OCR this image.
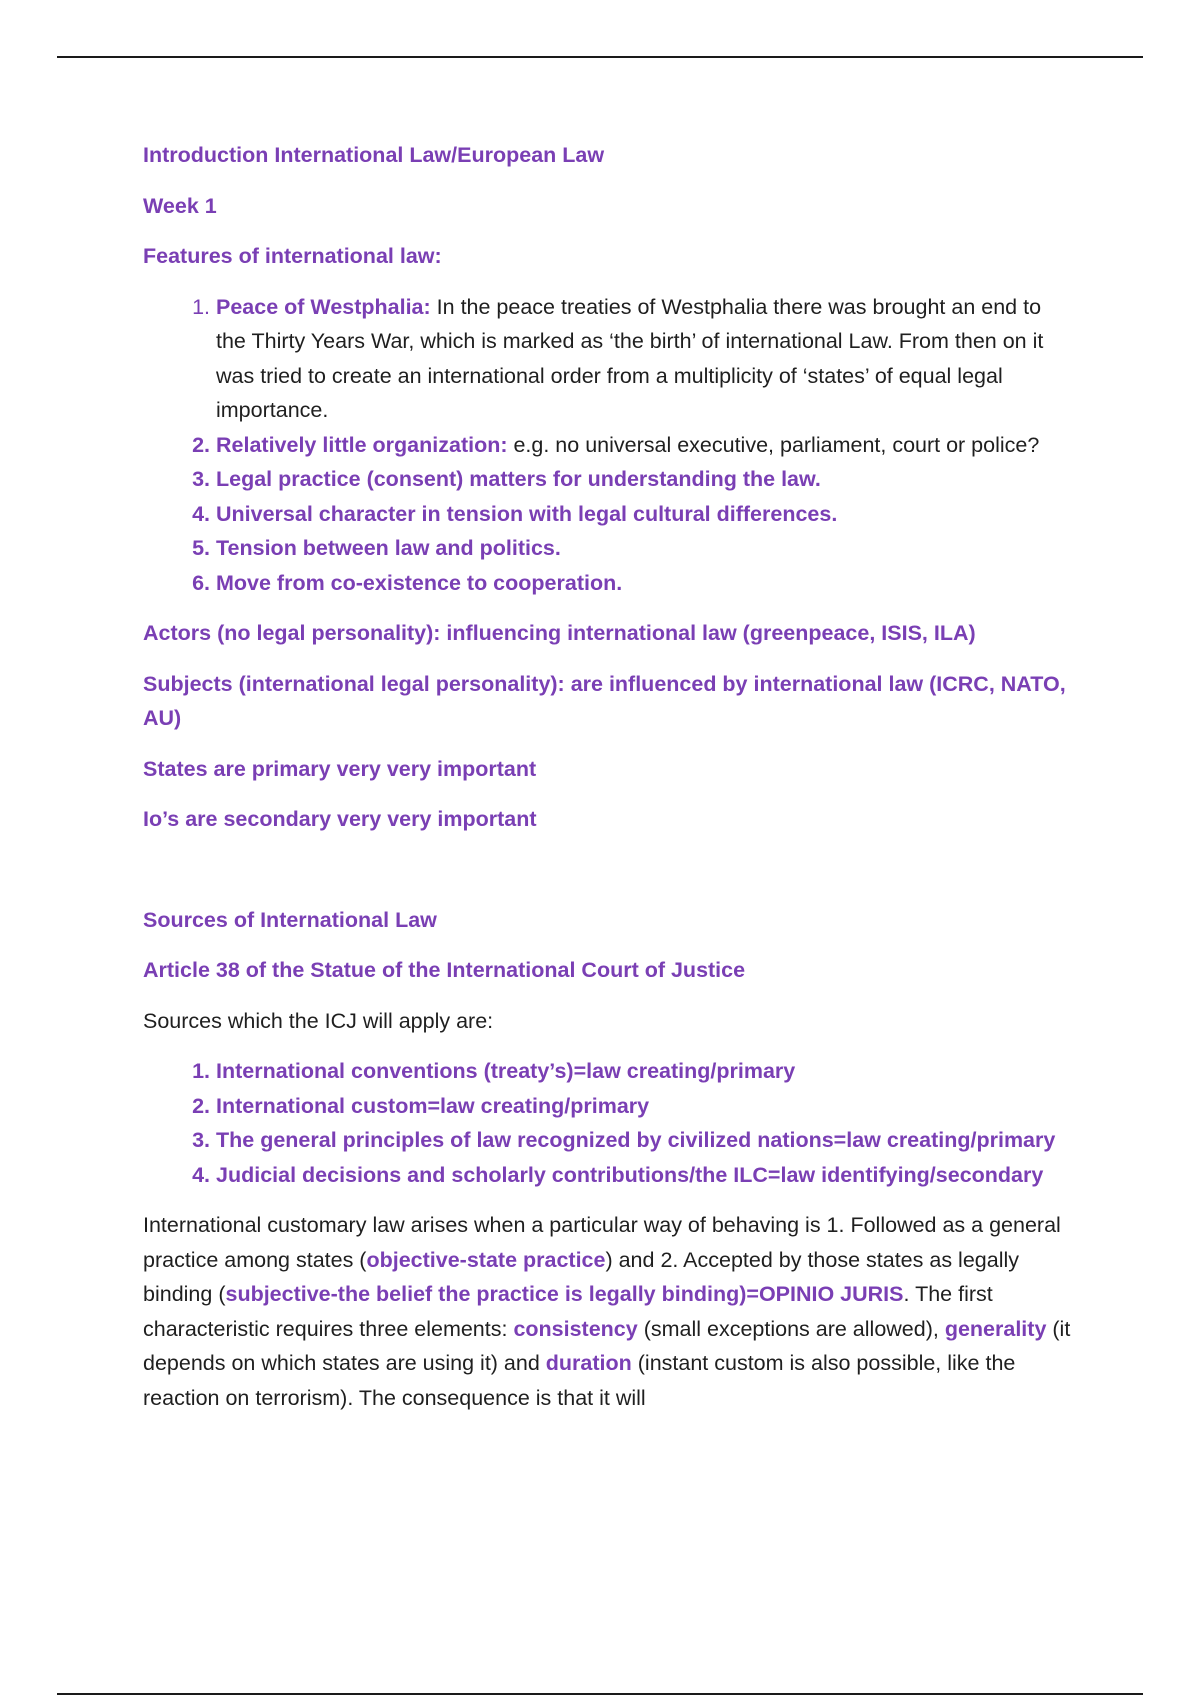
Introduction International Law/European Law
Week 1
Features of international law:
1. Peace of Westphalia: In the peace treaties of Westphalia there was brought an end to the Thirty Years War, which is marked as ‘the birth’ of international Law. From then on it was tried to create an international order from a multiplicity of ‘states’ of equal legal importance.
2. Relatively little organization: e.g. no universal executive, parliament, court or police?
3. Legal practice (consent) matters for understanding the law.
4. Universal character in tension with legal cultural differences.
5. Tension between law and politics.
6. Move from co-existence to cooperation.
Actors (no legal personality): influencing international law (greenpeace, ISIS, ILA)
Subjects (international legal personality): are influenced by international law (ICRC, NATO, AU)
States are primary very very important
Io’s are secondary very very important
Sources of International Law
Article 38 of the Statue of the International Court of Justice
Sources which the ICJ will apply are:
1. International conventions (treaty’s)=law creating/primary
2. International custom=law creating/primary
3. The general principles of law recognized by civilized nations=law creating/primary
4. Judicial decisions and scholarly contributions/the ILC=law identifying/secondary
International customary law arises when a particular way of behaving is 1. Followed as a general practice among states (objective-state practice) and 2. Accepted by those states as legally binding (subjective-the belief the practice is legally binding)=OPINIO JURIS. The first characteristic requires three elements: consistency (small exceptions are allowed), generality (it depends on which states are using it) and duration (instant custom is also possible, like the reaction on terrorism). The consequence is that it will
